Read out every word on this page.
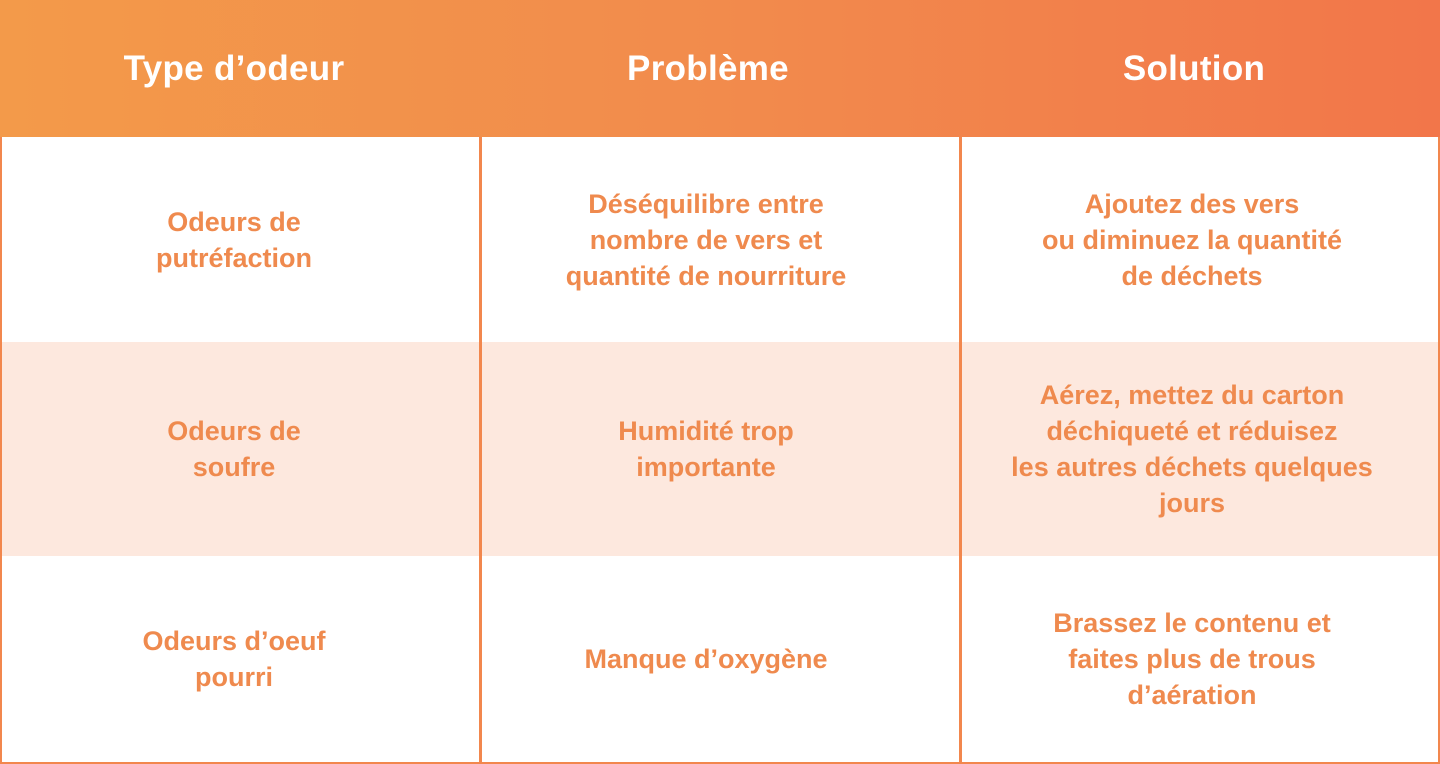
Type d’odeur	Problème	Solution
Odeurs de
putréfaction
Déséquilibre entre
nombre de vers et
quantité de nourriture
Ajoutez des vers
ou diminuez la quantité
de déchets
Odeurs de
soufre
Humidité trop
importante
Aérez, mettez du carton
déchiqueté et réduisez
les autres déchets quelques
jours
Odeurs d’oeuf
pourri
Manque d’oxygène
Brassez le contenu et
faites plus de trous
d’aération
